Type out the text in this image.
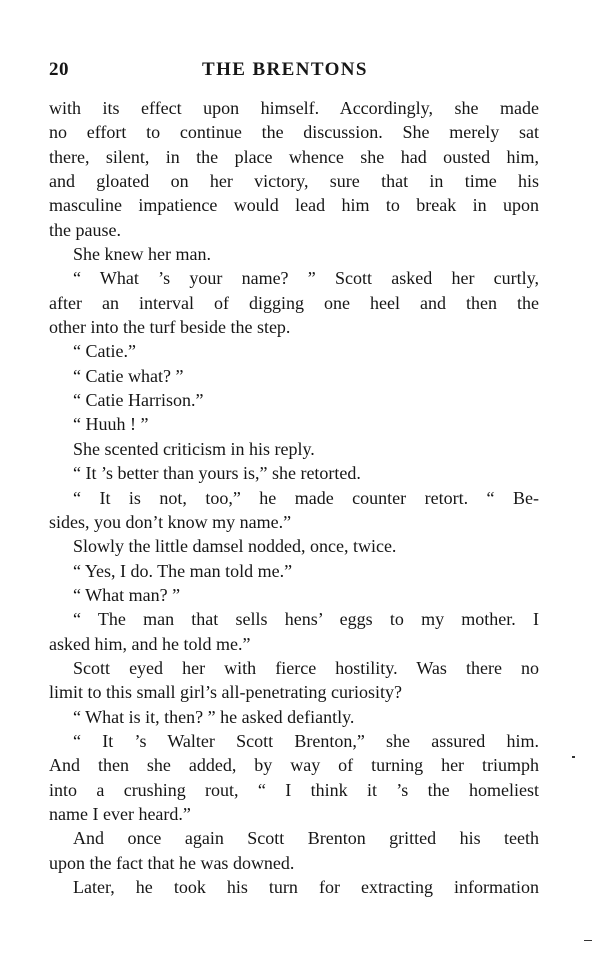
20	THE BRENTONS
with its effect upon himself. Accordingly, she made
no effort to continue the discussion. She merely sat
there, silent, in the place whence she had ousted him,
and gloated on her victory, sure that in time his
masculine impatience would lead him to break in upon
the pause.
She knew her man.
“ What ’s your name? ” Scott asked her curtly,
after an interval of digging one heel and then the
other into the turf beside the step.
“ Catie.”
“ Catie what? ”
“ Catie Harrison.”
“ Huuh ! ”
She scented criticism in his reply.
“ It ’s better than yours is,” she retorted.
“ It is not, too,” he made counter retort. “ Be-
sides, you don’t know my name.”
Slowly the little damsel nodded, once, twice.
“ Yes, I do. The man told me.”
“ What man? ”
“ The man that sells hens’ eggs to my mother. I
asked him, and he told me.”
Scott eyed her with fierce hostility. Was there no
limit to this small girl’s all-penetrating curiosity?
“ What is it, then? ” he asked defiantly.
“ It ’s Walter Scott Brenton,” she assured him.
And then she added, by way of turning her triumph
into a crushing rout, “ I think it ’s the homeliest
name I ever heard.”
And once again Scott Brenton gritted his teeth
upon the fact that he was downed.
Later, he took his turn for extracting information
